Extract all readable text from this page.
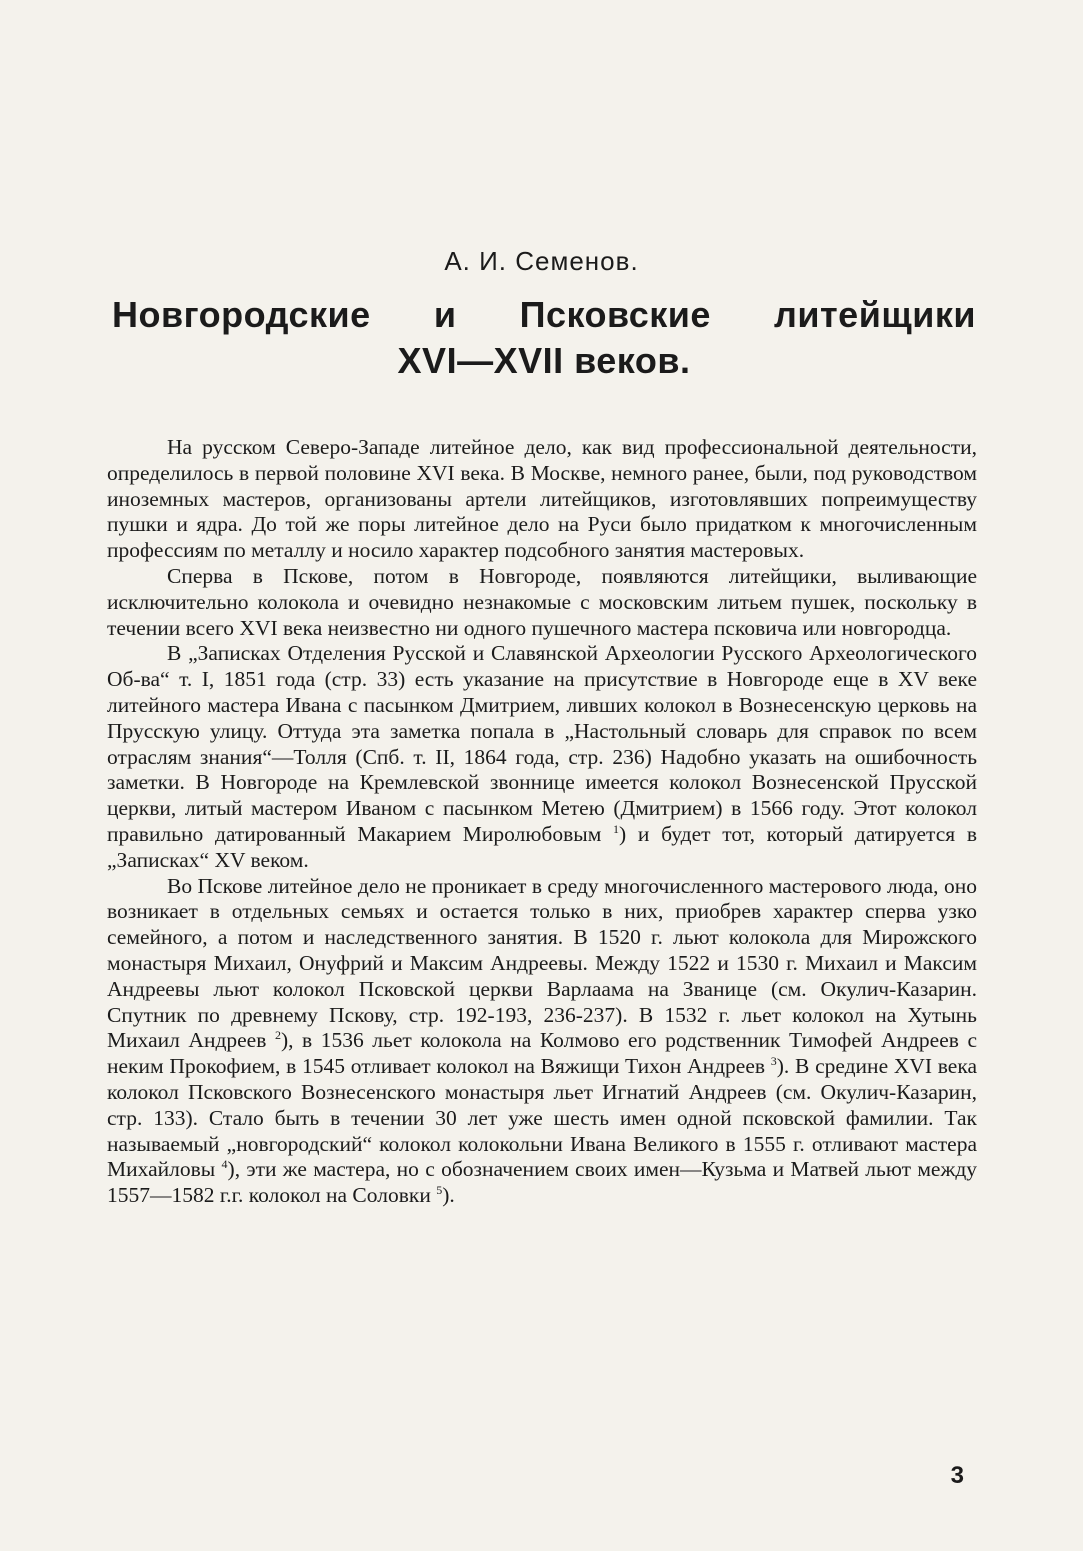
А. И. Семенов.
Новгородские и Псковские литейщики
XVI—XVII веков.

На русском Северо-Западе литейное дело, как вид профессиональной деятельности, определилось в первой половине XVI века. В Москве, немного ранее, были, под руководством иноземных мастеров, организованы артели литейщиков, изготовлявших попреимуществу пушки и ядра. До той же поры литейное дело на Руси было придатком к многочисленным профессиям по металлу и носило характер подсобного занятия мастеровых.

Сперва в Пскове, потом в Новгороде, появляются литейщики, выливающие исключительно колокола и очевидно незнакомые с московским литьем пушек, поскольку в течении всего XVI века неизвестно ни одного пушечного мастера псковича или новгородца.

В „Записках Отделения Русской и Славянской Археологии Русского Археологического Об-ва“ т. I, 1851 года (стр. 33) есть указание на присутствие в Новгороде еще в XV веке литейного мастера Ивана с пасынком Дмитрием, ливших колокол в Вознесенскую церковь на Прусскую улицу. Оттуда эта заметка попала в „Настольный словарь для справок по всем отраслям знания“—Толля (Спб. т. II, 1864 года, стр. 236) Надобно указать на ошибочность заметки. В Новгороде на Кремлевской звоннице имеется колокол Вознесенской Прусской церкви, литый мастером Иваном с пасынком Метею (Дмитрием) в 1566 году. Этот колокол правильно датированный Макарием Миролюбовым $^1$) и будет тот, который датируется в „Записках“ XV веком.

Во Пскове литейное дело не проникает в среду многочисленного мастерового люда, оно возникает в отдельных семьях и остается только в них, приобрев характер сперва узко семейного, а потом и наследственного занятия. В 1520 г. льют колокола для Мирожского монастыря Михаил, Онуфрий и Максим Андреевы. Между 1522 и 1530 г. Михаил и Максим Андреевы льют колокол Псковской церкви Варлаама на Званице (см. Окулич-Казарин. Спутник по древнему Пскову, стр. 192-193, 236-237). В 1532 г. льет колокол на Хутынь Михаил Андреев $^2$), в 1536 льет колокола на Колмово его родственник Тимофей Андреев с неким Прокофием, в 1545 отливает колокол на Вяжищи Тихон Андреев $^3$). В средине XVI века колокол Псковского Вознесенского монастыря льет Игнатий Андреев (см. Окулич-Казарин, стр. 133). Стало быть в течении 30 лет уже шесть имен одной псковской фамилии. Так называемый „новгородский“ колокол колокольни Ивана Великого в 1555 г. отливают мастера Михайловы $^4$), эти же мастера, но с обозначением своих имен—Кузьма и Матвей льют между 1557—1582 г.г. колокол на Соловки $^5$).

3
